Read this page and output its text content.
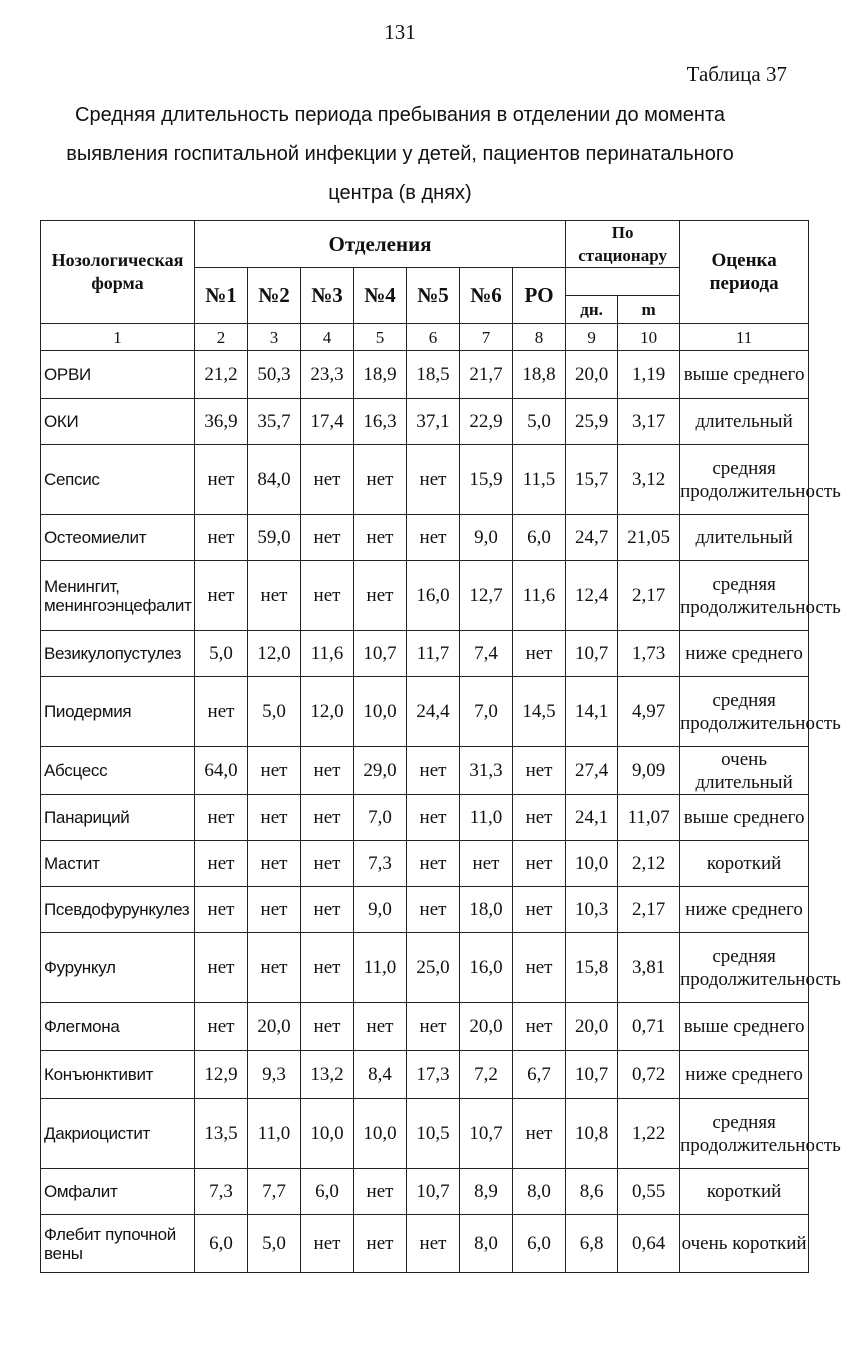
131
Таблица 37
Средняя длительность периода пребывания в отделении до момента
выявления госпитальной инфекции у детей, пациентов перинатального
центра (в днях)
Нозологическая форма	Отделения							По стационару		Оценка периода
	№1	№2	№3	№4	№5	№6	РО			
								дн.	m	
1	2	3	4	5	6	7	8	9	10	11
ОРВИ	21,2	50,3	23,3	18,9	18,5	21,7	18,8	20,0	1,19	выше среднего
ОКИ	36,9	35,7	17,4	16,3	37,1	22,9	5,0	25,9	3,17	длительный
Сепсис	нет	84,0	нет	нет	нет	15,9	11,5	15,7	3,12	средняя продолжительность
Остеомиелит	нет	59,0	нет	нет	нет	9,0	6,0	24,7	21,05	длительный
Менингит, менингоэнцефалит	нет	нет	нет	нет	16,0	12,7	11,6	12,4	2,17	средняя продолжительность
Везикулопустулез	5,0	12,0	11,6	10,7	11,7	7,4	нет	10,7	1,73	ниже среднего
Пиодермия	нет	5,0	12,0	10,0	24,4	7,0	14,5	14,1	4,97	средняя продолжительность
Абсцесс	64,0	нет	нет	29,0	нет	31,3	нет	27,4	9,09	очень длительный
Панариций	нет	нет	нет	7,0	нет	11,0	нет	24,1	11,07	выше среднего
Мастит	нет	нет	нет	7,3	нет	нет	нет	10,0	2,12	короткий
Псевдофурункулез	нет	нет	нет	9,0	нет	18,0	нет	10,3	2,17	ниже среднего
Фурункул	нет	нет	нет	11,0	25,0	16,0	нет	15,8	3,81	средняя продолжительность
Флегмона	нет	20,0	нет	нет	нет	20,0	нет	20,0	0,71	выше среднего
Конъюнктивит	12,9	9,3	13,2	8,4	17,3	7,2	6,7	10,7	0,72	ниже среднего
Дакриоцистит	13,5	11,0	10,0	10,0	10,5	10,7	нет	10,8	1,22	средняя продолжительность
Омфалит	7,3	7,7	6,0	нет	10,7	8,9	8,0	8,6	0,55	короткий
Флебит пупочной вены	6,0	5,0	нет	нет	нет	8,0	6,0	6,8	0,64	очень короткий
